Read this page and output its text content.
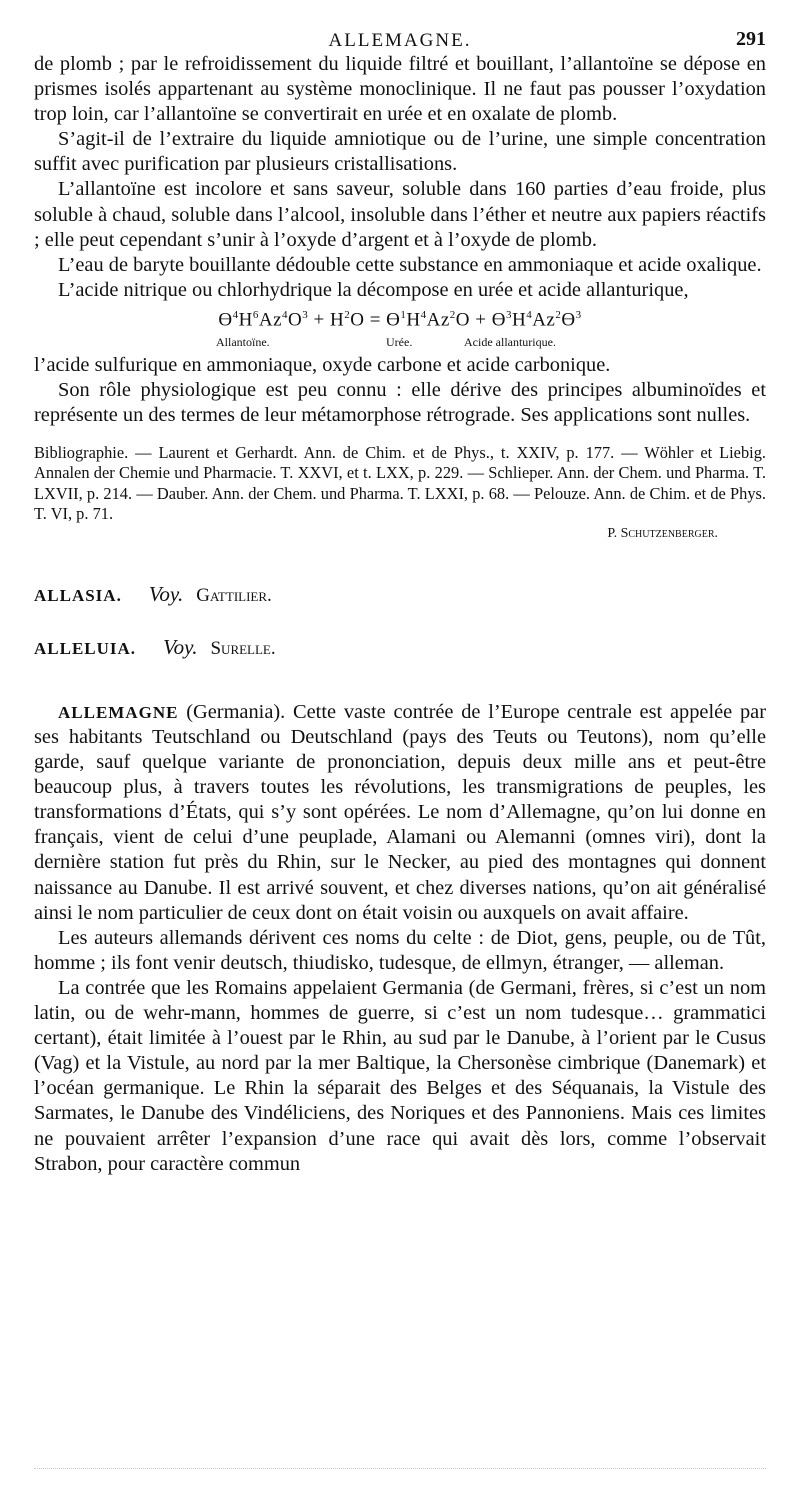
ALLEMAGNE.	291

de plomb ; par le refroidissement du liquide filtré et bouillant, l’allantoïne se dépose en prismes isolés appartenant au système monoclinique. Il ne faut pas pousser l’oxydation trop loin, car l’allantoïne se convertirait en urée et en oxalate de plomb.

S’agit-il de l’extraire du liquide amniotique ou de l’urine, une simple concentration suffit avec purification par plusieurs cristallisations.

L’allantoïne est incolore et sans saveur, soluble dans 160 parties d’eau froide, plus soluble à chaud, soluble dans l’alcool, insoluble dans l’éther et neutre aux papiers réactifs ; elle peut cependant s’unir à l’oxyde d’argent et à l’oxyde de plomb.

L’eau de baryte bouillante dédouble cette substance en ammoniaque et acide oxalique.

L’acide nitrique ou chlorhydrique la décompose en urée et acide allanturique,

$Ɵ^4H^6Az^4O^3 + H^2O$ = $Ɵ^1H^4Az^2O$ + $Ɵ^3H^4Az^2Ɵ^3$
Allantoïne.	Urée.	Acide allanturique.

l’acide sulfurique en ammoniaque, oxyde carbone et acide carbonique.

Son rôle physiologique est peu connu : elle dérive des principes albuminoïdes et représente un des termes de leur métamorphose rétrograde. Ses applications sont nulles.

Bibliographie. — Laurent et Gerhardt. Ann. de Chim. et de Phys., t. XXIV, p. 177. — Wöhler et Liebig. Annalen der Chemie und Pharmacie. T. XXVI, et t. LXX, p. 229. — Schlieper. Ann. der Chem. und Pharma. T. LXVII, p. 214. — Dauber. Ann. der Chem. und Pharma. T. LXXI, p. 68. — Pelouze. Ann. de Chim. et de Phys. T. VI, p. 71.
P. Schutzenberger.
ALLASIA. Voy. Gattilier.
ALLELUIA. Voy. Surelle.

ALLEMAGNE (Germania). Cette vaste contrée de l’Europe centrale est appelée par ses habitants Teutschland ou Deutschland (pays des Teuts ou Teutons), nom qu’elle garde, sauf quelque variante de prononciation, depuis deux mille ans et peut-être beaucoup plus, à travers toutes les révolutions, les transmigrations de peuples, les transformations d’États, qui s’y sont opérées. Le nom d’Allemagne, qu’on lui donne en français, vient de celui d’une peuplade, Alamani ou Alemanni (omnes viri), dont la dernière station fut près du Rhin, sur le Necker, au pied des montagnes qui donnent naissance au Danube. Il est arrivé souvent, et chez diverses nations, qu’on ait généralisé ainsi le nom particulier de ceux dont on était voisin ou auxquels on avait affaire.

Les auteurs allemands dérivent ces noms du celte : de Diot, gens, peuple, ou de Tût, homme ; ils font venir deutsch, thiudisko, tudesque, de ellmyn, étranger, — alleman.

La contrée que les Romains appelaient Germania (de Germani, frères, si c’est un nom latin, ou de wehr-mann, hommes de guerre, si c’est un nom tudesque… grammatici certant), était limitée à l’ouest par le Rhin, au sud par le Danube, à l’orient par le Cusus (Vag) et la Vistule, au nord par la mer Baltique, la Chersonèse cimbrique (Danemark) et l’océan germanique. Le Rhin la séparait des Belges et des Séquanais, la Vistule des Sarmates, le Danube des Vindéliciens, des Noriques et des Pannoniens. Mais ces limites ne pouvaient arrêter l’expansion d’une race qui avait dès lors, comme l’observait Strabon, pour caractère commun
